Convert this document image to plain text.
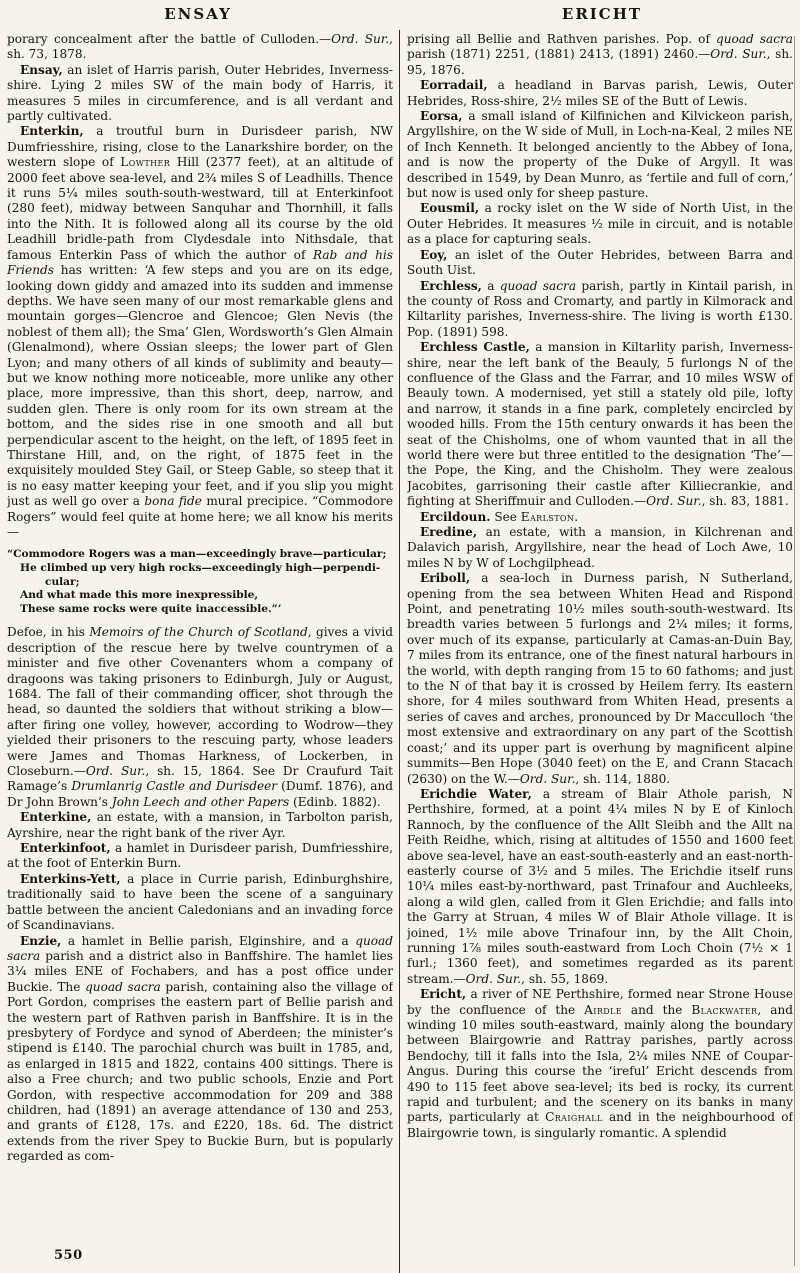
ENSAY	ERICHT

porary concealment after the battle of Culloden.—Ord. Sur., sh. 73, 1878.

Ensay, an islet of Harris parish, Outer Hebrides, Inverness-shire. Lying 2 miles SW of the main body of Harris, it measures 5 miles in circumference, and is all verdant and partly cultivated.

Enterkin, a troutful burn in Durisdeer parish, NW Dumfriesshire, rising, close to the Lanarkshire border, on the western slope of Lowther Hill (2377 feet), at an altitude of 2000 feet above sea-level, and 2¾ miles S of Leadhills. Thence it runs 5¼ miles south-south-westward, till at Enterkinfoot (280 feet), midway between Sanquhar and Thornhill, it falls into the Nith. It is followed along all its course by the old Leadhill bridle-path from Clydesdale into Nithsdale, that famous Enterkin Pass of which the author of Rab and his Friends has written: ‘A few steps and you are on its edge, looking down giddy and amazed into its sudden and immense depths. We have seen many of our most remarkable glens and mountain gorges—Glencroe and Glencoe; Glen Nevis (the noblest of them all); the Sma’ Glen, Wordsworth’s Glen Almain (Glenalmond), where Ossian sleeps; the lower part of Glen Lyon; and many others of all kinds of sublimity and beauty—but we know nothing more noticeable, more unlike any other place, more impressive, than this short, deep, narrow, and sudden glen. There is only room for its own stream at the bottom, and the sides rise in one smooth and all but perpendicular ascent to the height, on the left, of 1895 feet in Thirstane Hill, and, on the right, of 1875 feet in the exquisitely moulded Stey Gail, or Steep Gable, so steep that it is no easy matter keeping your feet, and if you slip you might just as well go over a bona fide mural precipice. “Commodore Rogers” would feel quite at home here; we all know his merits—

“Commodore Rogers was a man—exceedingly brave—particular;
He climbed up very high rocks—exceedingly high—perpendi-
cular;
And what made this more inexpressible,
These same rocks were quite inaccessible.”’

Defoe, in his Memoirs of the Church of Scotland, gives a vivid description of the rescue here by twelve countrymen of a minister and five other Covenanters whom a company of dragoons was taking prisoners to Edinburgh, July or August, 1684. The fall of their commanding officer, shot through the head, so daunted the soldiers that without striking a blow—after firing one volley, however, according to Wodrow—they yielded their prisoners to the rescuing party, whose leaders were James and Thomas Harkness, of Lockerben, in Closeburn.—Ord. Sur., sh. 15, 1864. See Dr Craufurd Tait Ramage’s Drumlanrig Castle and Durisdeer (Dumf. 1876), and Dr John Brown’s John Leech and other Papers (Edinb. 1882).

Enterkine, an estate, with a mansion, in Tarbolton parish, Ayrshire, near the right bank of the river Ayr.

Enterkinfoot, a hamlet in Durisdeer parish, Dumfriesshire, at the foot of Enterkin Burn.

Enterkins-Yett, a place in Currie parish, Edinburghshire, traditionally said to have been the scene of a sanguinary battle between the ancient Caledonians and an invading force of Scandinavians.

Enzie, a hamlet in Bellie parish, Elginshire, and a quoad sacra parish and a district also in Banffshire. The hamlet lies 3¼ miles ENE of Fochabers, and has a post office under Buckie. The quoad sacra parish, containing also the village of Port Gordon, comprises the eastern part of Bellie parish and the western part of Rathven parish in Banffshire. It is in the presbytery of Fordyce and synod of Aberdeen; the minister’s stipend is £140. The parochial church was built in 1785, and, as enlarged in 1815 and 1822, contains 400 sittings. There is also a Free church; and two public schools, Enzie and Port Gordon, with respective accommodation for 209 and 388 children, had (1891) an average attendance of 130 and 253, and grants of £128, 17s. and £220, 18s. 6d. The district extends from the river Spey to Buckie Burn, but is popularly regarded as com-

prising all Bellie and Rathven parishes. Pop. of quoad sacra parish (1871) 2251, (1881) 2413, (1891) 2460.—Ord. Sur., sh. 95, 1876.

Eorradail, a headland in Barvas parish, Lewis, Outer Hebrides, Ross-shire, 2½ miles SE of the Butt of Lewis.

Eorsa, a small island of Kilfinichen and Kilvickeon parish, Argyllshire, on the W side of Mull, in Loch-na-Keal, 2 miles NE of Inch Kenneth. It belonged anciently to the Abbey of Iona, and is now the property of the Duke of Argyll. It was described in 1549, by Dean Munro, as ‘fertile and full of corn,’ but now is used only for sheep pasture.

Eousmil, a rocky islet on the W side of North Uist, in the Outer Hebrides. It measures ½ mile in circuit, and is notable as a place for capturing seals.

Eoy, an islet of the Outer Hebrides, between Barra and South Uist.

Erchless, a quoad sacra parish, partly in Kintail parish, in the county of Ross and Cromarty, and partly in Kilmorack and Kiltarlity parishes, Inverness-shire. The living is worth £130. Pop. (1891) 598.

Erchless Castle, a mansion in Kiltarlity parish, Inverness-shire, near the left bank of the Beauly, 5 furlongs N of the confluence of the Glass and the Farrar, and 10 miles WSW of Beauly town. A modernised, yet still a stately old pile, lofty and narrow, it stands in a fine park, completely encircled by wooded hills. From the 15th century onwards it has been the seat of the Chisholms, one of whom vaunted that in all the world there were but three entitled to the designation ‘The’—the Pope, the King, and the Chisholm. They were zealous Jacobites, garrisoning their castle after Killiecrankie, and fighting at Sheriffmuir and Culloden.—Ord. Sur., sh. 83, 1881.

Ercildoun. See Earlston.

Eredine, an estate, with a mansion, in Kilchrenan and Dalavich parish, Argyllshire, near the head of Loch Awe, 10 miles N by W of Lochgilphead.

Eriboll, a sea-loch in Durness parish, N Sutherland, opening from the sea between Whiten Head and Rispond Point, and penetrating 10½ miles south-south-westward. Its breadth varies between 5 furlongs and 2¼ miles; it forms, over much of its expanse, particularly at Camas-an-Duin Bay, 7 miles from its entrance, one of the finest natural harbours in the world, with depth ranging from 15 to 60 fathoms; and just to the N of that bay it is crossed by Heilem ferry. Its eastern shore, for 4 miles southward from Whiten Head, presents a series of caves and arches, pronounced by Dr Macculloch ‘the most extensive and extraordinary on any part of the Scottish coast;’ and its upper part is overhung by magnificent alpine summits—Ben Hope (3040 feet) on the E, and Crann Stacach (2630) on the W.—Ord. Sur., sh. 114, 1880.

Erichdie Water, a stream of Blair Athole parish, N Perthshire, formed, at a point 4¼ miles N by E of Kinloch Rannoch, by the confluence of the Allt Sleibh and the Allt na Feith Reidhe, which, rising at altitudes of 1550 and 1600 feet above sea-level, have an east-south-easterly and an east-north-easterly course of 3½ and 5 miles. The Erichdie itself runs 10¼ miles east-by-northward, past Trinafour and Auchleeks, along a wild glen, called from it Glen Erichdie; and falls into the Garry at Struan, 4 miles W of Blair Athole village. It is joined, 1½ mile above Trinafour inn, by the Allt Choin, running 1⅞ miles south-eastward from Loch Choin (7½ × 1 furl.; 1360 feet), and sometimes regarded as its parent stream.—Ord. Sur., sh. 55, 1869.

Ericht, a river of NE Perthshire, formed near Strone House by the confluence of the Airdle and the Blackwater, and winding 10 miles south-eastward, mainly along the boundary between Blairgowrie and Rattray parishes, partly across Bendochy, till it falls into the Isla, 2¼ miles NNE of Coupar-Angus. During this course the ‘ireful’ Ericht descends from 490 to 115 feet above sea-level; its bed is rocky, its current rapid and turbulent; and the scenery on its banks in many parts, particularly at Craighall and in the neighbourhood of Blairgowrie town, is singularly romantic. A splendid

550
